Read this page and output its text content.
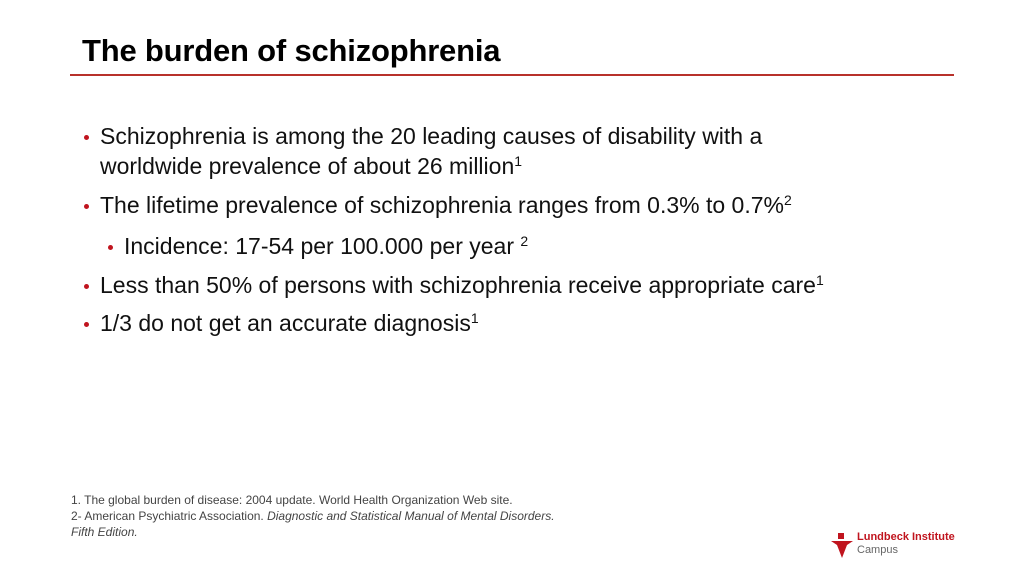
The burden of schizophrenia
Schizophrenia is among the 20 leading causes of disability with a
worldwide prevalence of about 26 million$^1$
The lifetime prevalence of schizophrenia ranges from 0.3% to 0.7%$^2$
Incidence: 17-54 per 100.000 per year $^2$
Less than 50% of persons with schizophrenia receive appropriate care$^1$
1/3 do not get an accurate diagnosis$^1$
1. The global burden of disease: 2004 update. World Health Organization Web site.
2- American Psychiatric Association. Diagnostic and Statistical Manual of Mental Disorders.
Fifth Edition.	Lundbeck Institute
Campus
